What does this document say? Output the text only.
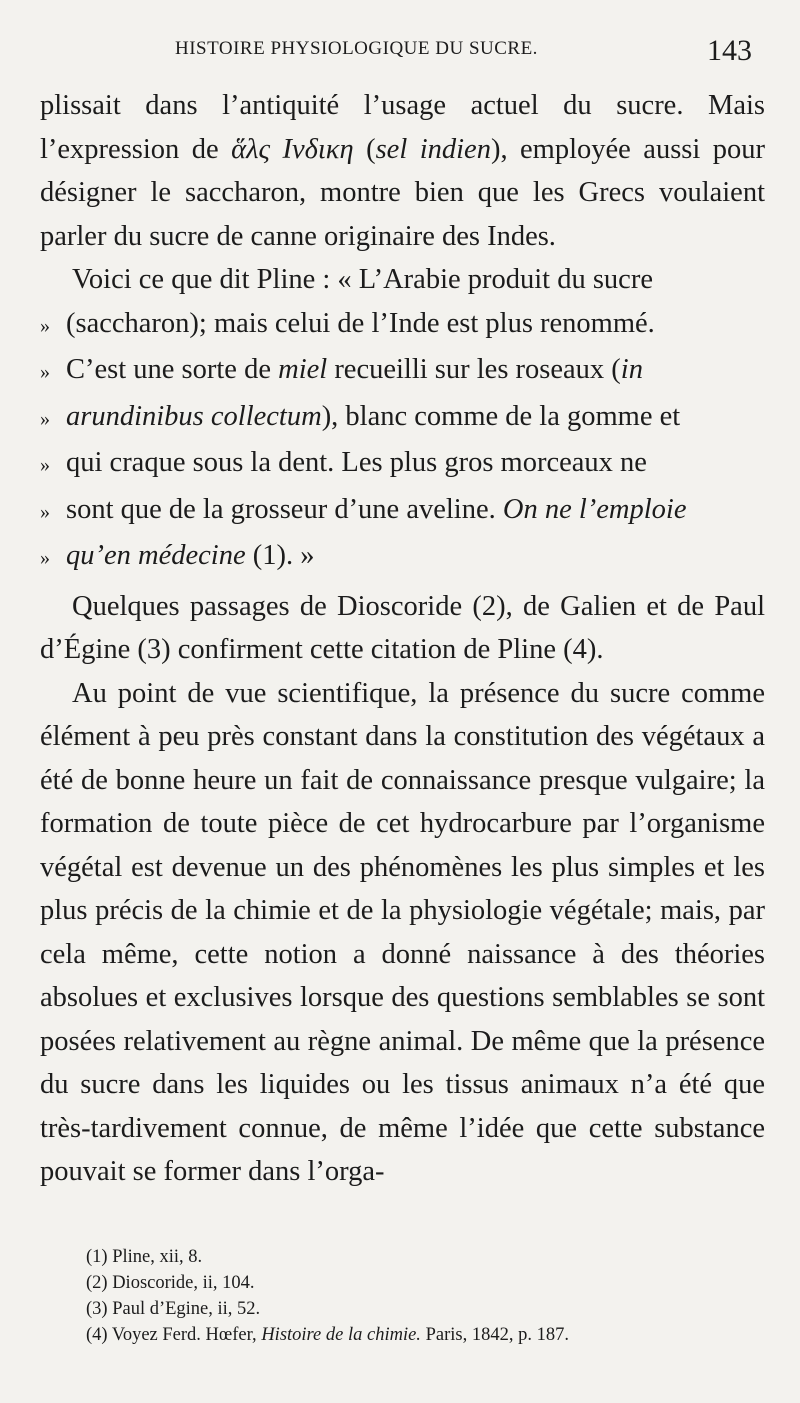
HISTOIRE PHYSIOLOGIQUE DU SUCRE.	143

plissait dans l’antiquité l’usage actuel du sucre. Mais l’expression de ἅλς Ινδικη (sel indien), employée aussi pour désigner le saccharon, montre bien que les Grecs voulaient parler du sucre de canne originaire des Indes.

Voici ce que dit Pline : « L’Arabie produit du sucre

» (saccharon); mais celui de l’Inde est plus renommé.
» C’est une sorte de miel recueilli sur les roseaux (in
» arundinibus collectum), blanc comme de la gomme et
» qui craque sous la dent. Les plus gros morceaux ne
» sont que de la grosseur d’une aveline. On ne l’emploie
» qu’en médecine (1). »

Quelques passages de Dioscoride (2), de Galien et de Paul d’Égine (3) confirment cette citation de Pline (4).

Au point de vue scientifique, la présence du sucre comme élément à peu près constant dans la constitution des végétaux a été de bonne heure un fait de connaissance presque vulgaire; la formation de toute pièce de cet hydrocarbure par l’organisme végétal est devenue un des phénomènes les plus simples et les plus précis de la chimie et de la physiologie végétale; mais, par cela même, cette notion a donné naissance à des théories absolues et exclusives lorsque des questions semblables se sont posées relativement au règne animal. De même que la présence du sucre dans les liquides ou les tissus animaux n’a été que très-tardivement connue, de même l’idée que cette substance pouvait se former dans l’orga-

(1) Pline, xii, 8.
(2) Dioscoride, ii, 104.
(3) Paul d’Egine, ii, 52.
(4) Voyez Ferd. Hœfer, Histoire de la chimie. Paris, 1842, p. 187.
